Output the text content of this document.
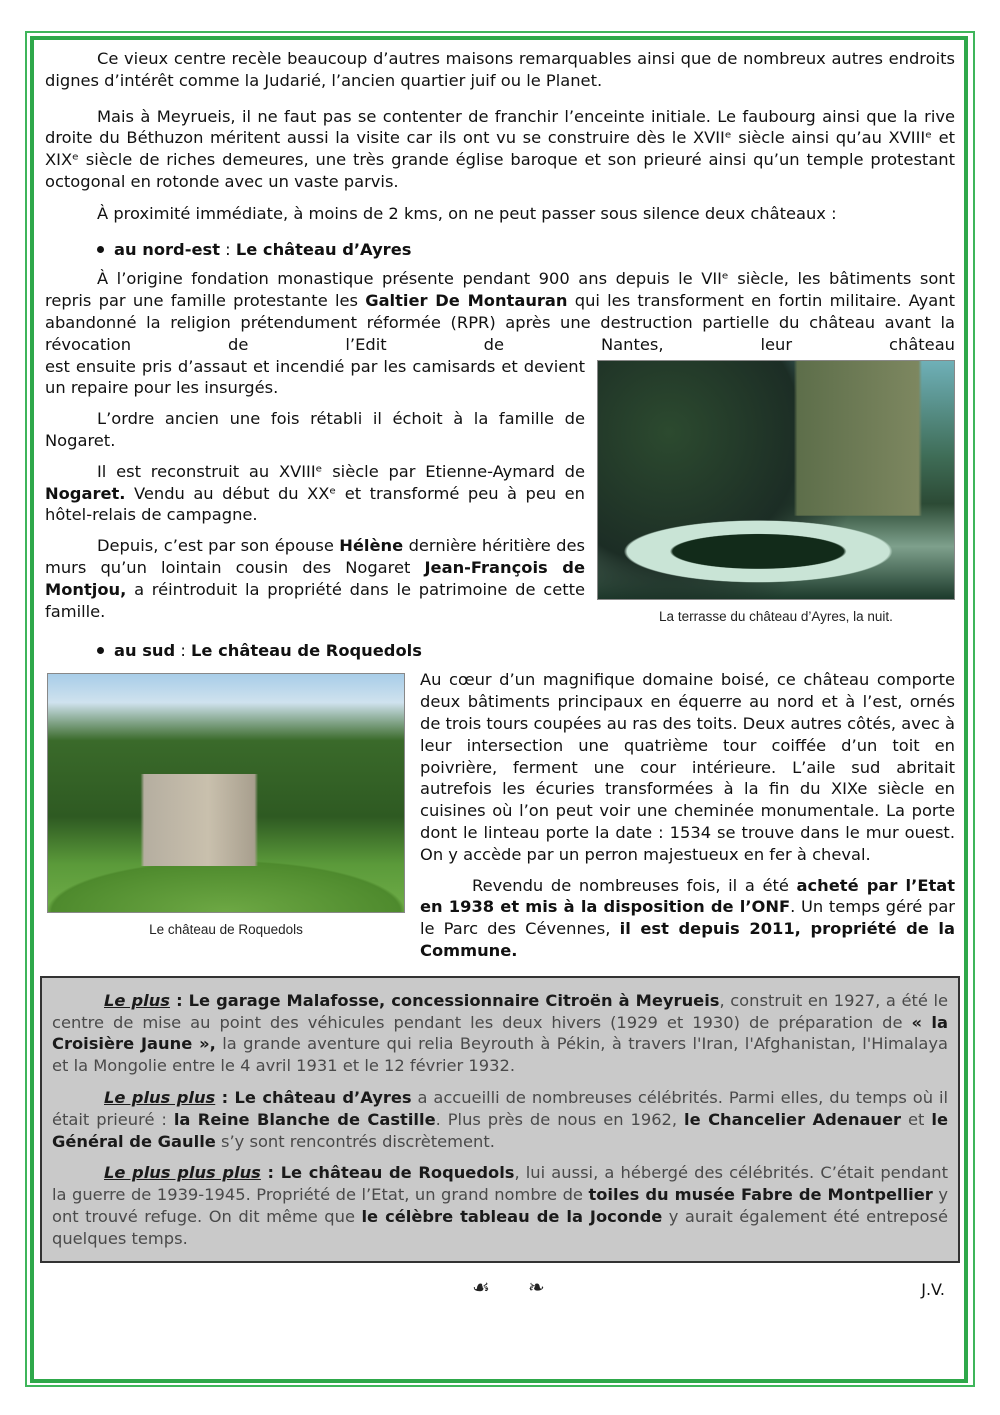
Ce vieux centre recèle beaucoup d’autres maisons remarquables ainsi que de nombreux autres endroits dignes d’intérêt comme la Judarié, l’ancien quartier juif ou le Planet.

Mais à Meyrueis, il ne faut pas se contenter de franchir l’enceinte initiale. Le faubourg ainsi que la rive droite du Béthuzon méritent aussi la visite car ils ont vu se construire dès le XVIIᵉ siècle ainsi qu’au XVIIIᵉ et XIXᵉ siècle de riches demeures, une très grande église baroque et son prieuré ainsi qu’un temple protestant octogonal en rotonde avec un vaste parvis.

À proximité immédiate, à moins de 2 kms, on ne peut passer sous silence deux châteaux :

au nord-est : Le château d’Ayres

À l’origine fondation monastique présente pendant 900 ans depuis le VIIᵉ siècle, les bâtiments sont repris par une famille protestante les Galtier De Montauran qui les transforment en fortin militaire. Ayant abandonné la religion prétendument réformée (RPR) après une destruction partielle du château avant la révocation de l’Edit de Nantes, leur château

La terrasse du château d’Ayres, la nuit.

est ensuite pris d’assaut et incendié par les camisards et devient un repaire pour les insurgés.

L’ordre ancien une fois rétabli il échoit à la famille de Nogaret.

Il est reconstruit au XVIIIᵉ siècle par Etienne-Aymard de Nogaret. Vendu au début du XXᵉ et transformé peu à peu en hôtel-relais de campagne.

Depuis, c’est par son épouse Hélène dernière héritière des murs qu’un lointain cousin des Nogaret Jean-François de Montjou, a réintroduit la propriété dans le patrimoine de cette famille.

au sud : Le château de Roquedols
Le château de Roquedols

Au cœur d’un magnifique domaine boisé, ce château comporte deux bâtiments principaux en équerre au nord et à l’est, ornés de trois tours coupées au ras des toits. Deux autres côtés, avec à leur intersection une quatrième tour coiffée d’un toit en poivrière, ferment une cour intérieure. L’aile sud abritait autrefois les écuries transformées à la fin du XIXe siècle en cuisines où l’on peut voir une cheminée monumentale. La porte dont le linteau porte la date : 1534 se trouve dans le mur ouest. On y accède par un perron majestueux en fer à cheval.

Revendu de nombreuses fois, il a été acheté par l’Etat en 1938 et mis à la disposition de l’ONF. Un temps géré par le Parc des Cévennes, il est depuis 2011, propriété de la Commune.

Le plus : Le garage Malafosse, concessionnaire Citroën à Meyrueis, construit en 1927, a été le centre de mise au point des véhicules pendant les deux hivers (1929 et 1930) de préparation de « la Croisière Jaune », la grande aventure qui relia Beyrouth à Pékin, à travers l'Iran, l'Afghanistan, l'Himalaya et la Mongolie entre le 4 avril 1931 et le 12 février 1932.

Le plus plus : Le château d’Ayres a accueilli de nombreuses célébrités. Parmi elles, du temps où il était prieuré : la Reine Blanche de Castille. Plus près de nous en 1962, le Chancelier Adenauer et le Général de Gaulle s’y sont rencontrés discrètement.

Le plus plus plus : Le château de Roquedols, lui aussi, a hébergé des célébrités. C’était pendant la guerre de 1939-1945. Propriété de l’Etat, un grand nombre de toiles du musée Fabre de Montpellier y ont trouvé refuge. On dit même que le célèbre tableau de la Joconde y aurait également été entreposé quelques temps.

☙ ❧	J.V.
